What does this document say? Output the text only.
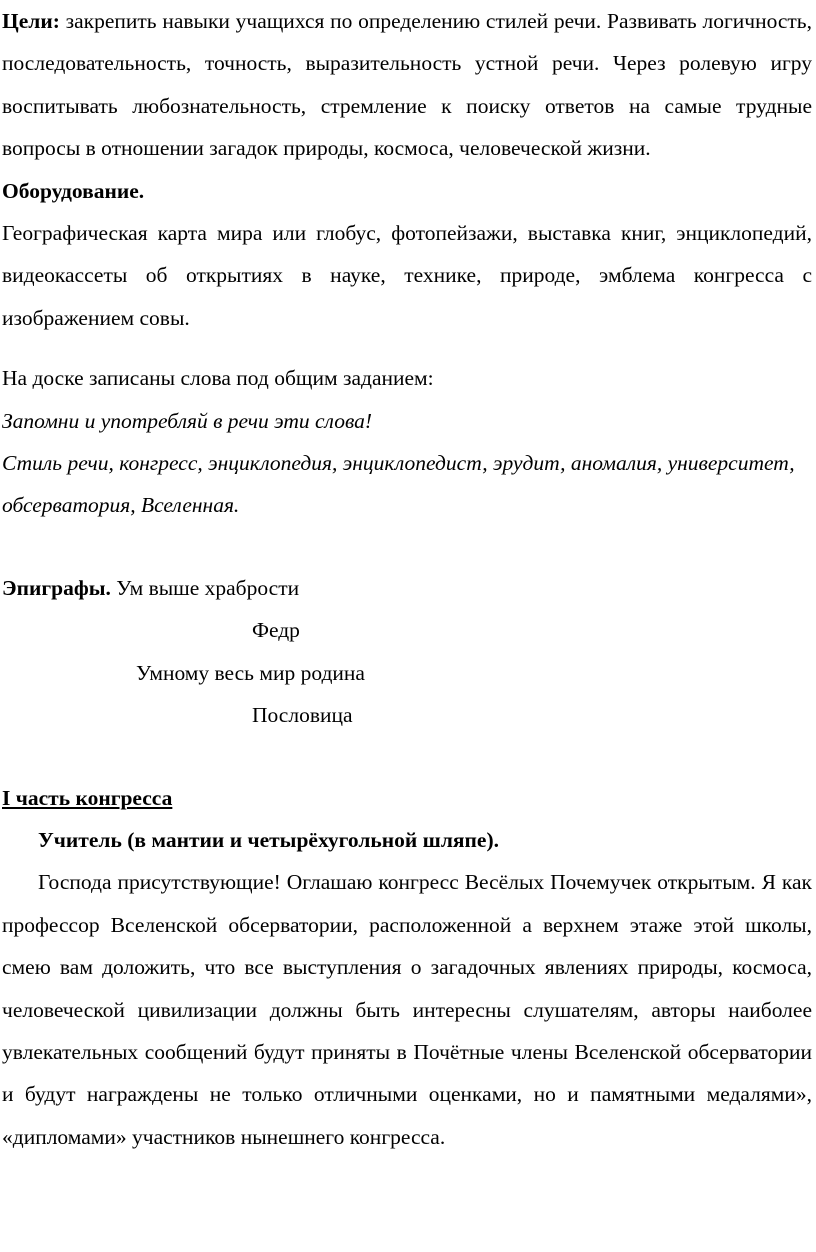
Цели: закрепить навыки учащихся по определению стилей речи. Развивать логичность, последовательность, точность, выразительность устной речи. Через ролевую игру воспитывать любознательность, стремление к поиску ответов на самые трудные вопросы в отношении загадок природы, космоса, человеческой жизни.

Оборудование.

Географическая карта мира или глобус, фотопейзажи, выставка книг, энциклопедий, видеокассеты об открытиях в науке, технике, природе, эмблема конгресса с изображением совы.

На доске записаны слова под общим заданием:

Запомни и употребляй в речи эти слова!

Стиль речи, конгресс, энциклопедия, энциклопедист, эрудит, аномалия, университет, обсерватория, Вселенная.

Эпиграфы. Ум выше храбрости

Федр

Умному весь мир родина

Пословица

I часть конгресса

Учитель (в мантии и четырёхугольной шляпе).

Господа присутствующие! Оглашаю конгресс Весёлых Почемучек открытым. Я как профессор Вселенской обсерватории, расположенной а верхнем этаже этой школы, смею вам доложить, что все выступления о загадочных явлениях природы, космоса, человеческой цивилизации должны быть интересны слушателям, авторы наиболее увлекательных сообщений будут приняты в Почётные члены Вселенской обсерватории и будут награждены не только отличными оценками, но и памятными медалями», «дипломами» участников нынешнего конгресса.
